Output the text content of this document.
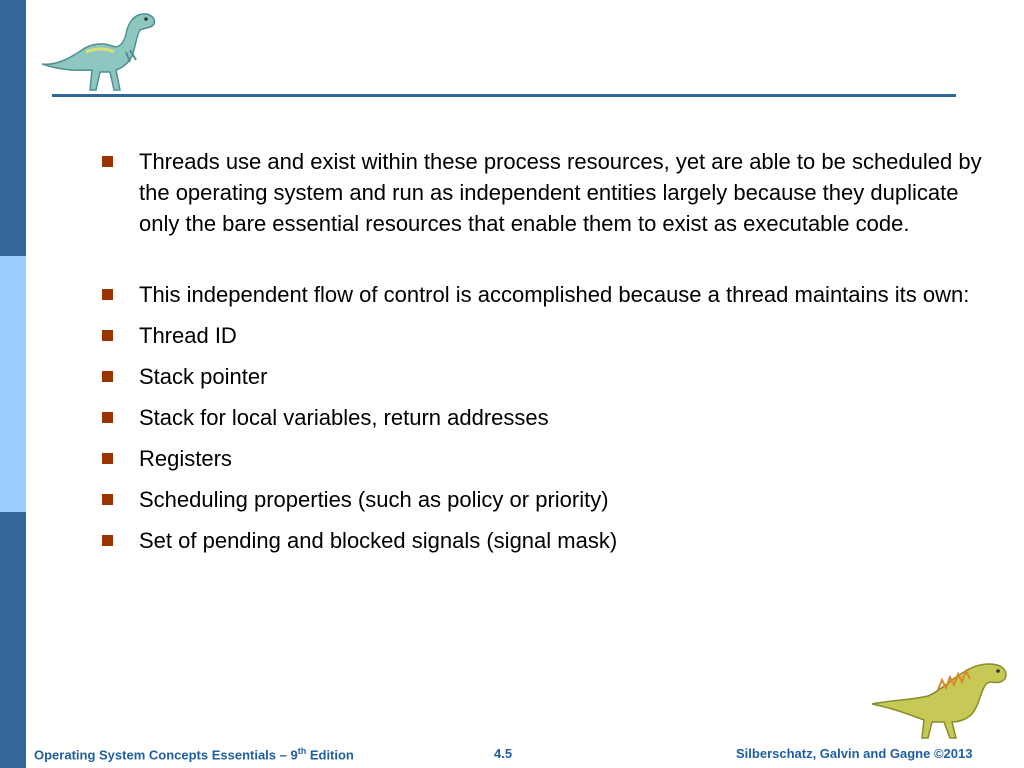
Threads use and exist within these process resources, yet are able to be scheduled by the operating system and run as independent entities largely because they duplicate only the bare essential resources that enable them to exist as executable code.
This independent flow of control is accomplished because a thread maintains its own:
Thread ID
Stack pointer
Stack for local variables, return addresses
Registers
Scheduling properties (such as policy or priority)
Set of pending and blocked signals (signal mask)
Operating System Concepts Essentials – 9th Edition	4.5	Silberschatz, Galvin and Gagne ©2013
